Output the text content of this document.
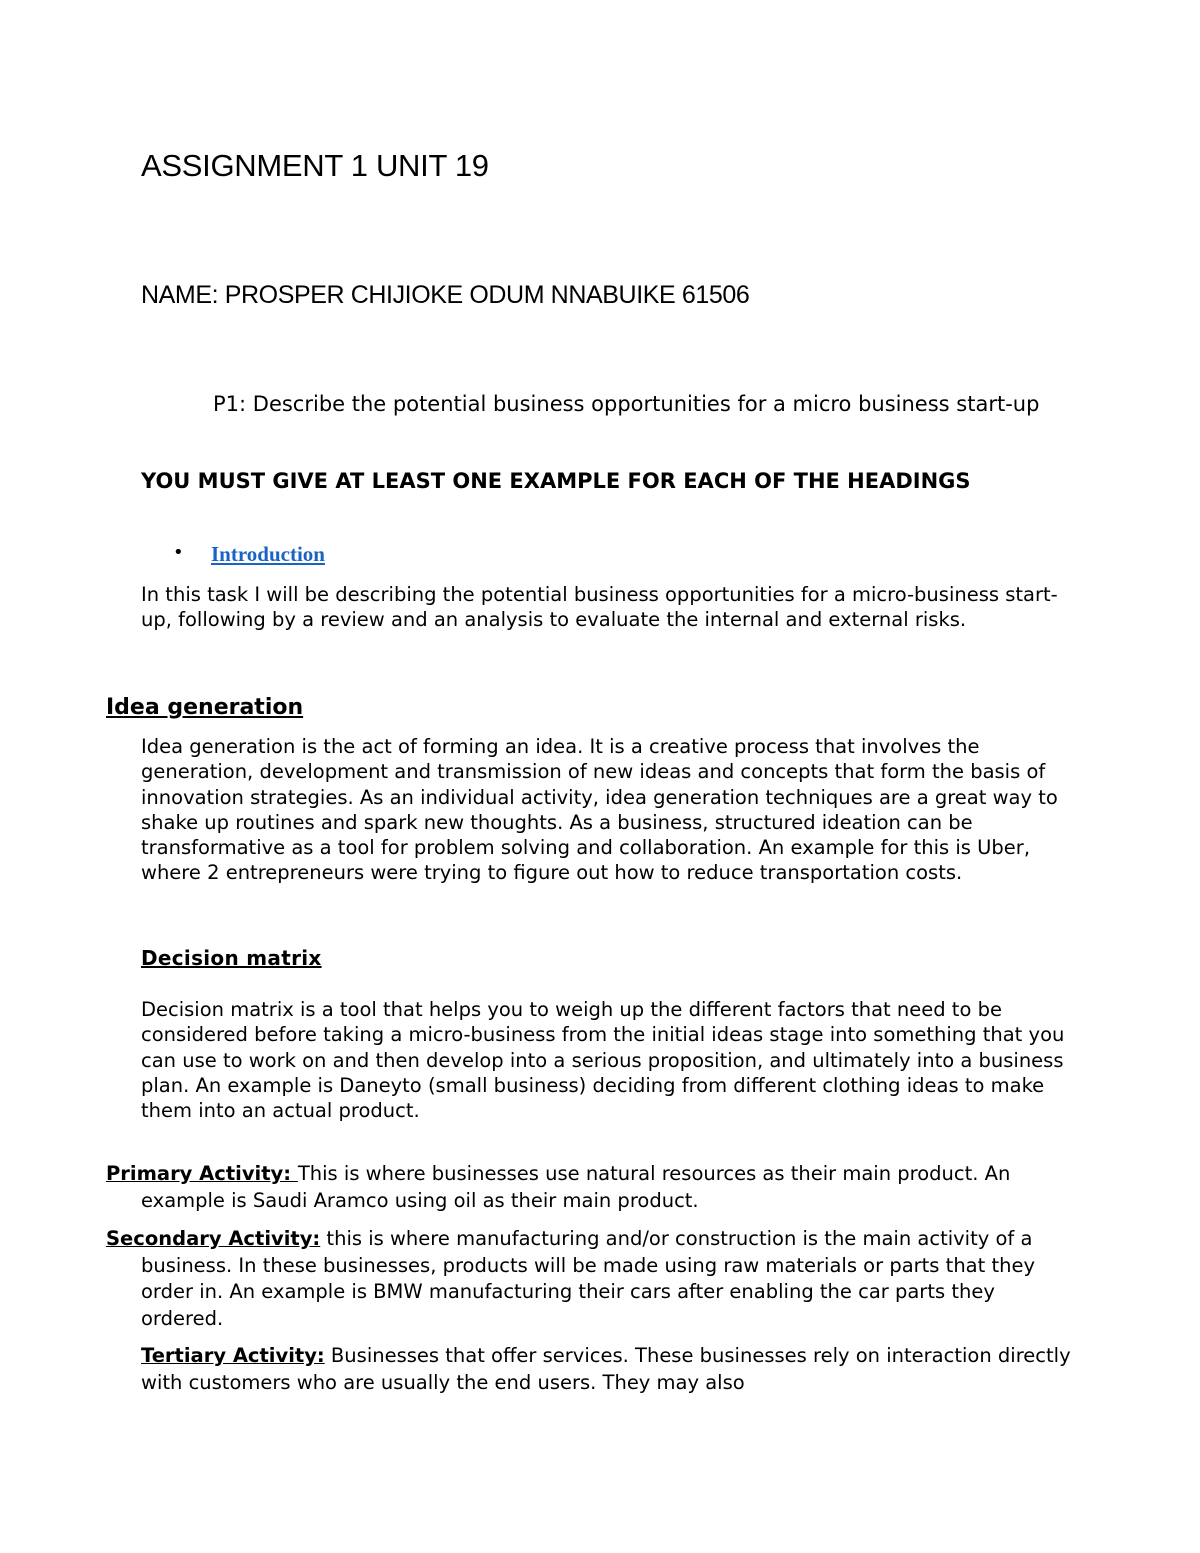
ASSIGNMENT 1 UNIT 19
NAME: PROSPER CHIJIOKE ODUM NNABUIKE 61506
P1: Describe the potential business opportunities for a micro business start-up
YOU MUST GIVE AT LEAST ONE EXAMPLE FOR EACH OF THE HEADINGS
• Introduction
In this task I will be describing the potential business opportunities for a micro-business start-up, following by a review and an analysis to evaluate the internal and external risks.
Idea generation
Idea generation is the act of forming an idea. It is a creative process that involves the generation, development and transmission of new ideas and concepts that form the basis of innovation strategies. As an individual activity, idea generation techniques are a great way to shake up routines and spark new thoughts. As a business, structured ideation can be transformative as a tool for problem solving and collaboration. An example for this is Uber, where 2 entrepreneurs were trying to figure out how to reduce transportation costs.
Decision matrix
Decision matrix is a tool that helps you to weigh up the different factors that need to be considered before taking a micro-business from the initial ideas stage into something that you can use to work on and then develop into a serious proposition, and ultimately into a business plan. An example is Daneyto (small business) deciding from different clothing ideas to make them into an actual product.
Primary Activity: This is where businesses use natural resources as their main product. An example is Saudi Aramco using oil as their main product.
Secondary Activity: this is where manufacturing and/or construction is the main activity of a business. In these businesses, products will be made using raw materials or parts that they order in. An example is BMW manufacturing their cars after enabling the car parts they ordered.
Tertiary Activity: Businesses that offer services. These businesses rely on interaction directly with customers who are usually the end users. They may also
